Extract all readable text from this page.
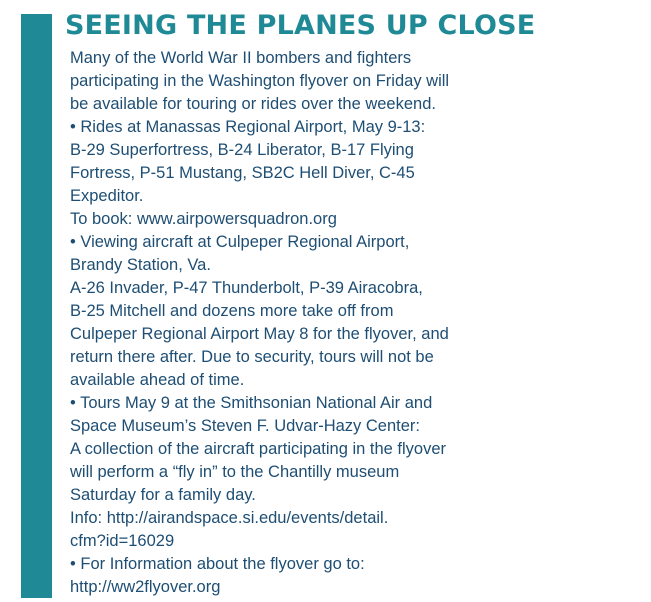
SEEING THE PLANES UP CLOSE
Many of the World War II bombers and fighters
participating in the Washington flyover on Friday will
be available for touring or rides over the weekend.
• Rides at Manassas Regional Airport, May 9-13:
B-29 Superfortress, B-24 Liberator, B-17 Flying
Fortress, P-51 Mustang, SB2C Hell Diver, C-45
Expeditor.
To book: www.airpowersquadron.org
• Viewing aircraft at Culpeper Regional Airport,
Brandy Station, Va.
A-26 Invader, P-47 Thunderbolt, P-39 Airacobra,
B-25 Mitchell and dozens more take off from
Culpeper Regional Airport May 8 for the flyover, and
return there after. Due to security, tours will not be
available ahead of time.
• Tours May 9 at the Smithsonian National Air and
Space Museum’s Steven F. Udvar-Hazy Center:
A collection of the aircraft participating in the flyover
will perform a “fly in” to the Chantilly museum
Saturday for a family day.
Info: http://airandspace.si.edu/events/detail.
cfm?id=16029
• For Information about the flyover go to:
http://ww2flyover.org
